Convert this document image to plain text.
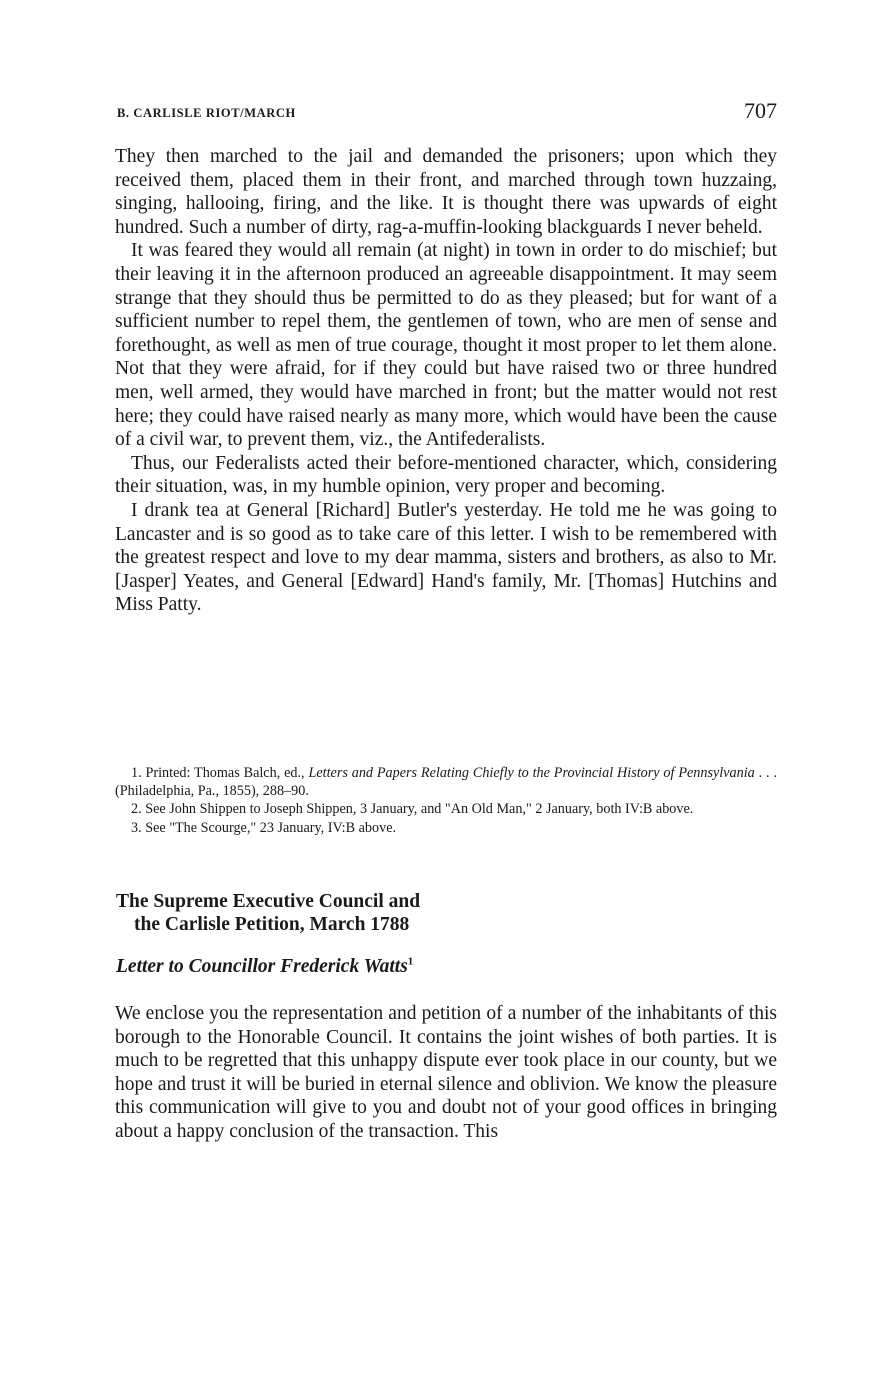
B. CARLISLE RIOT/MARCH	707

They then marched to the jail and demanded the prisoners; upon which they received them, placed them in their front, and marched through town huzzaing, singing, hallooing, firing, and the like. It is thought there was upwards of eight hundred. Such a number of dirty, rag-a-muffin-looking blackguards I never beheld.

It was feared they would all remain (at night) in town in order to do mischief; but their leaving it in the afternoon produced an agreeable disappointment. It may seem strange that they should thus be permitted to do as they pleased; but for want of a sufficient number to repel them, the gentlemen of town, who are men of sense and forethought, as well as men of true courage, thought it most proper to let them alone. Not that they were afraid, for if they could but have raised two or three hundred men, well armed, they would have marched in front; but the matter would not rest here; they could have raised nearly as many more, which would have been the cause of a civil war, to prevent them, viz., the Antifederalists.

Thus, our Federalists acted their before-mentioned character, which, considering their situation, was, in my humble opinion, very proper and becoming.

I drank tea at General [Richard] Butler's yesterday. He told me he was going to Lancaster and is so good as to take care of this letter. I wish to be remembered with the greatest respect and love to my dear mamma, sisters and brothers, as also to Mr. [Jasper] Yeates, and General [Edward] Hand's family, Mr. [Thomas] Hutchins and Miss Patty.

1. Printed: Thomas Balch, ed., Letters and Papers Relating Chiefly to the Provincial History of Pennsylvania . . . (Philadelphia, Pa., 1855), 288–90.

2. See John Shippen to Joseph Shippen, 3 January, and "An Old Man," 2 January, both IV:B above.

3. See "The Scourge," 23 January, IV:B above.

The Supreme Executive Council and
the Carlisle Petition, March 1788
Letter to Councillor Frederick Watts$^1$

We enclose you the representation and petition of a number of the inhabitants of this borough to the Honorable Council. It contains the joint wishes of both parties. It is much to be regretted that this unhappy dispute ever took place in our county, but we hope and trust it will be buried in eternal silence and oblivion. We know the pleasure this communication will give to you and doubt not of your good offices in bringing about a happy conclusion of the transaction. This
